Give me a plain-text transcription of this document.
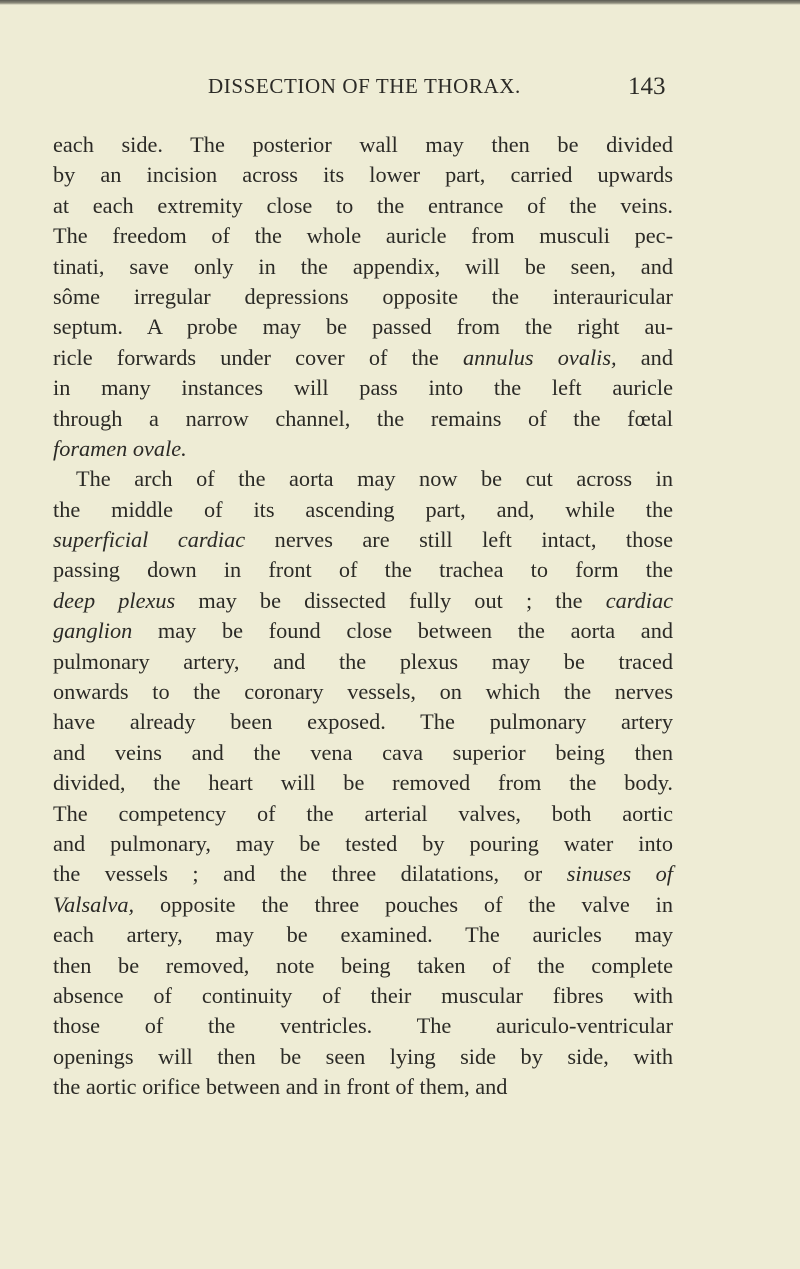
DISSECTION OF THE THORAX.	143
each side. The posterior wall may then be divided
by an incision across its lower part, carried upwards
at each extremity close to the entrance of the veins.
The freedom of the whole auricle from musculi pec-
tinati, save only in the appendix, will be seen, and
sôme irregular depressions opposite the interauricular
septum. A probe may be passed from the right au-
ricle forwards under cover of the annulus ovalis, and
in many instances will pass into the left auricle
through a narrow channel, the remains of the fœtal
foramen ovale.
The arch of the aorta may now be cut across in
the middle of its ascending part, and, while the
superficial cardiac nerves are still left intact, those
passing down in front of the trachea to form the
deep plexus may be dissected fully out ; the cardiac
ganglion may be found close between the aorta and
pulmonary artery, and the plexus may be traced
onwards to the coronary vessels, on which the nerves
have already been exposed. The pulmonary artery
and veins and the vena cava superior being then
divided, the heart will be removed from the body.
The competency of the arterial valves, both aortic
and pulmonary, may be tested by pouring water into
the vessels ; and the three dilatations, or sinuses of
Valsalva, opposite the three pouches of the valve in
each artery, may be examined. The auricles may
then be removed, note being taken of the complete
absence of continuity of their muscular fibres with
those of the ventricles. The auriculo-ventricular
openings will then be seen lying side by side, with
the aortic orifice between and in front of them, and
